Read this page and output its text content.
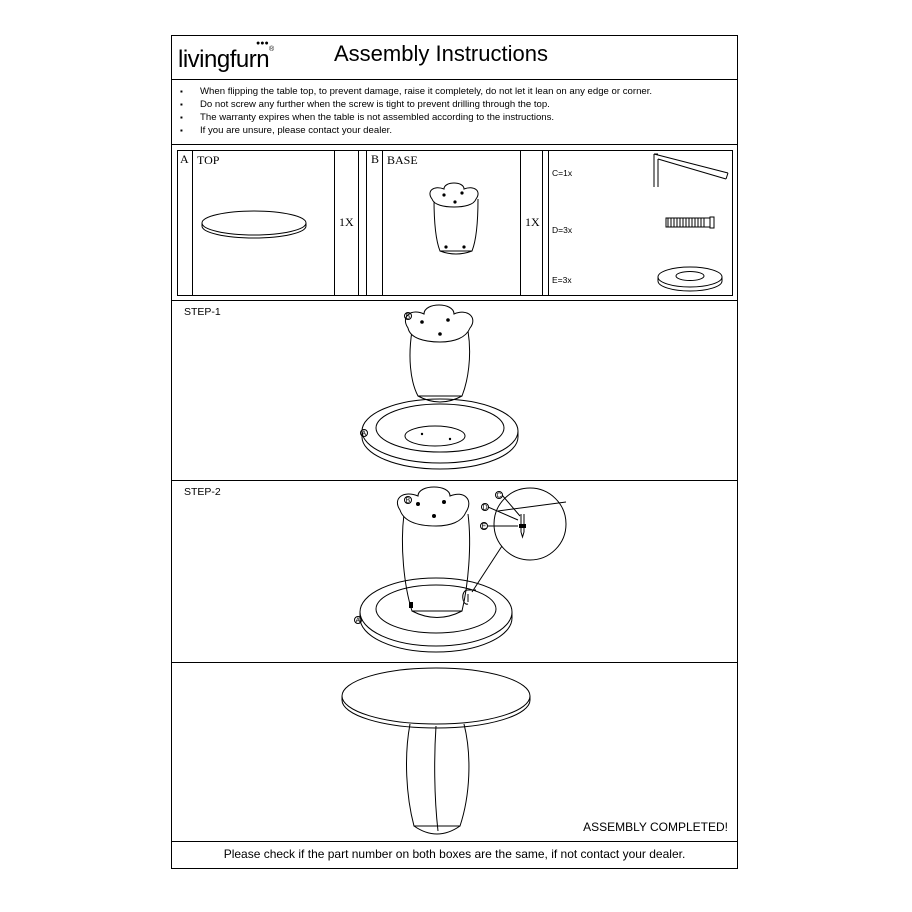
●●●
livingfurn®	Assembly Instructions
▪ When flipping the table top, to prevent damage, raise it completely, do not let it lean on any edge or corner.
▪ Do not screw any further when the screw is tight to prevent drilling through the top.
▪ The warranty expires when the table is not assembled according to the instructions.
▪ If you are unsure, please contact your dealer.
A TOP
1X
B BASE
1X
C=1x
D=3x
E=3x
STEP-1	B
A
STEP-2
B
C
D
E
A
ASSEMBLY COMPLETED!
Please check if the part number on both boxes are the same, if not contact your dealer.
